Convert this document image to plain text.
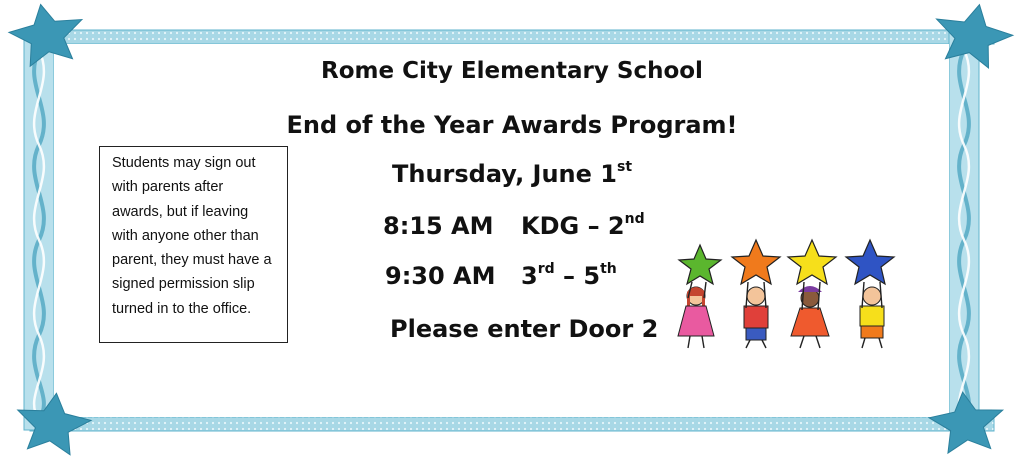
Rome City Elementary School
End of the Year Awards Program!
Thursday, June 1st
8:15 AM KDG – 2nd
9:30 AM 3rd – 5th
Please enter Door 2
Students may sign out with parents after awards, but if leaving with anyone other than parent, they must have a signed permission slip turned in to the office.
